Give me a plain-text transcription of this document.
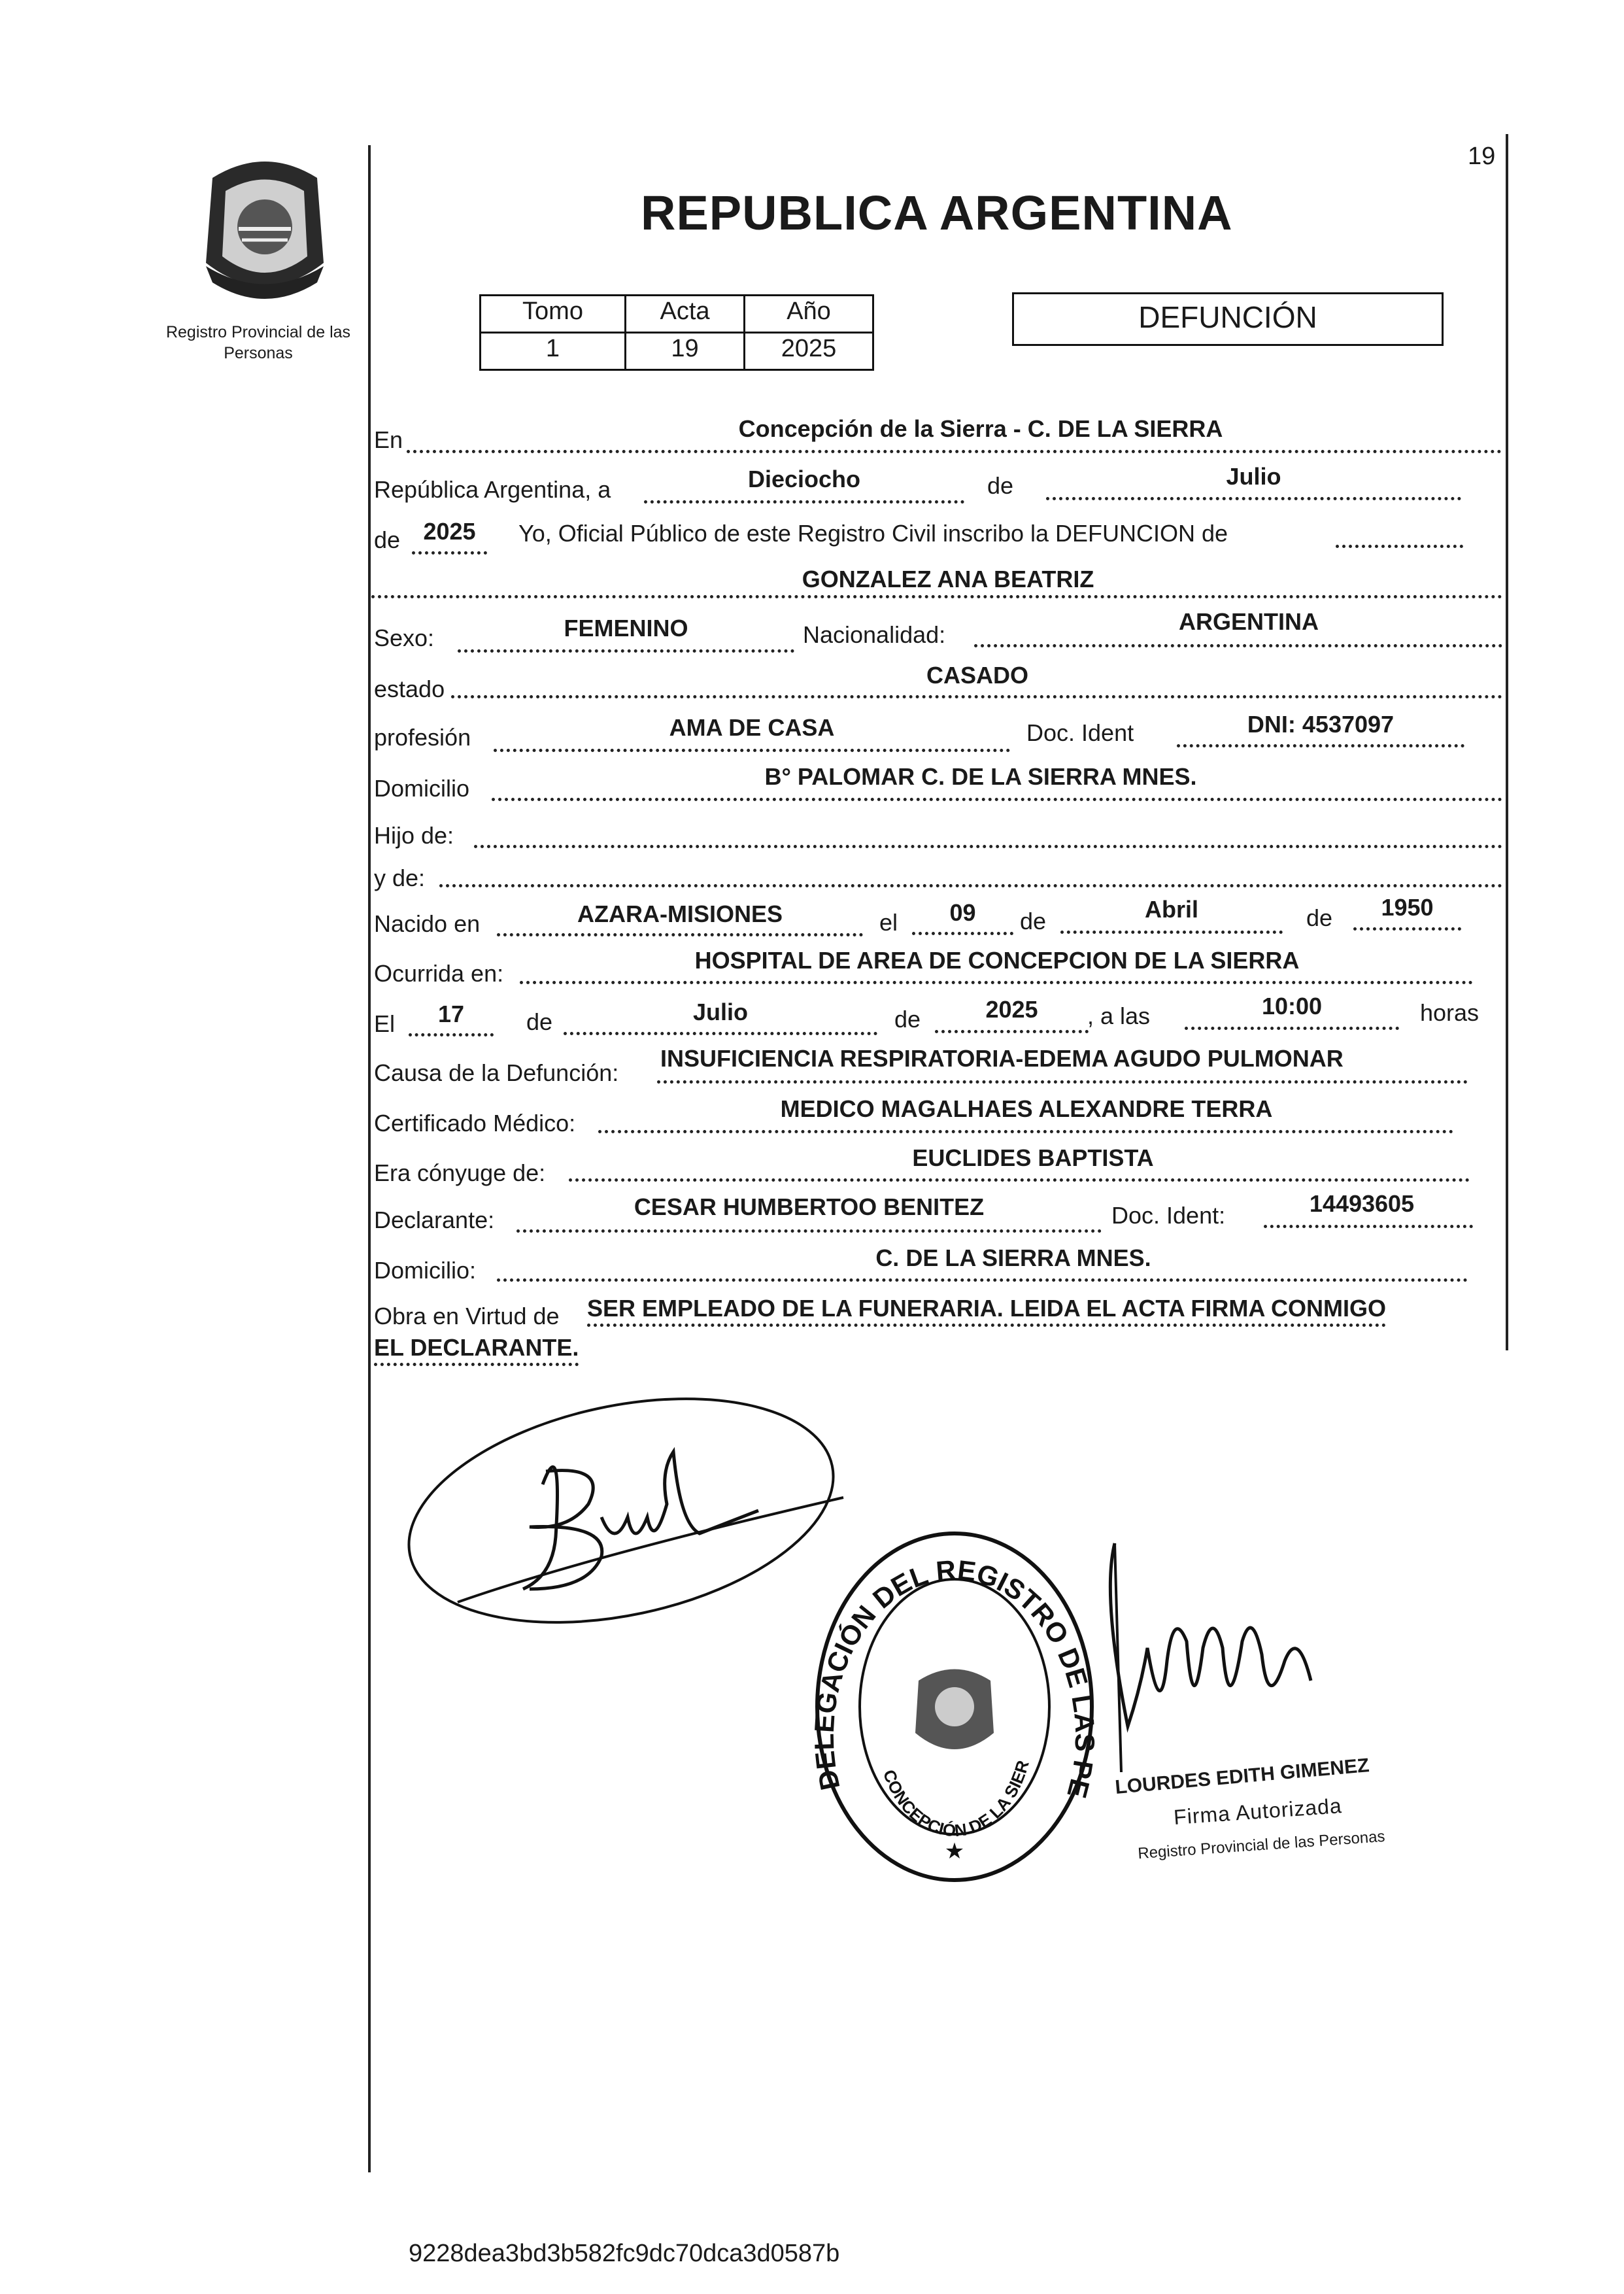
Registro Provincial de las Personas
19
REPUBLICA ARGENTINA
Tomo	Acta	Año
1	19	2025
DEFUNCIÓN
En	Concepción de la Sierra - C. DE LA SIERRA
República Argentina, a	Dieciocho	de	Julio
de 2025	Yo, Oficial Público de este Registro Civil inscribo la DEFUNCION de
GONZALEZ ANA BEATRIZ
Sexo:	FEMENINO	Nacionalidad:	ARGENTINA
estado
CASADO
profesión	AMA DE CASA	Doc. Ident	DNI: 4537097
Domicilio	B° PALOMAR C. DE LA SIERRA MNES.
Hijo de:
y de:
Nacido en	AZARA-MISIONES	el	09	de	Abril	de	1950
Ocurrida en:	HOSPITAL DE AREA DE CONCEPCION DE LA SIERRA
El	17	de	Julio	de	2025	, a las	10:00	horas
Causa de la Defunción:
INSUFICIENCIA RESPIRATORIA-EDEMA AGUDO PULMONAR
Certificado Médico:
MEDICO MAGALHAES ALEXANDRE TERRA
Era cónyuge de:
EUCLIDES BAPTISTA
Declarante:	CESAR HUMBERTOO BENITEZ	Doc. Ident:	14493605
Domicilio:	C. DE LA SIERRA MNES.
Obra en Virtud de SER EMPLEADO DE LA FUNERARIA. LEIDA EL ACTA FIRMA CONMIGO
EL DECLARANTE.
DELEGACIÓN DEL REGISTRO DE LAS PE
CONCEPCIÓN DE LA SIER
★
LOURDES EDITH GIMENEZ
Firma Autorizada
Registro Provincial de las Personas
9228dea3bd3b582fc9dc70dca3d0587b
